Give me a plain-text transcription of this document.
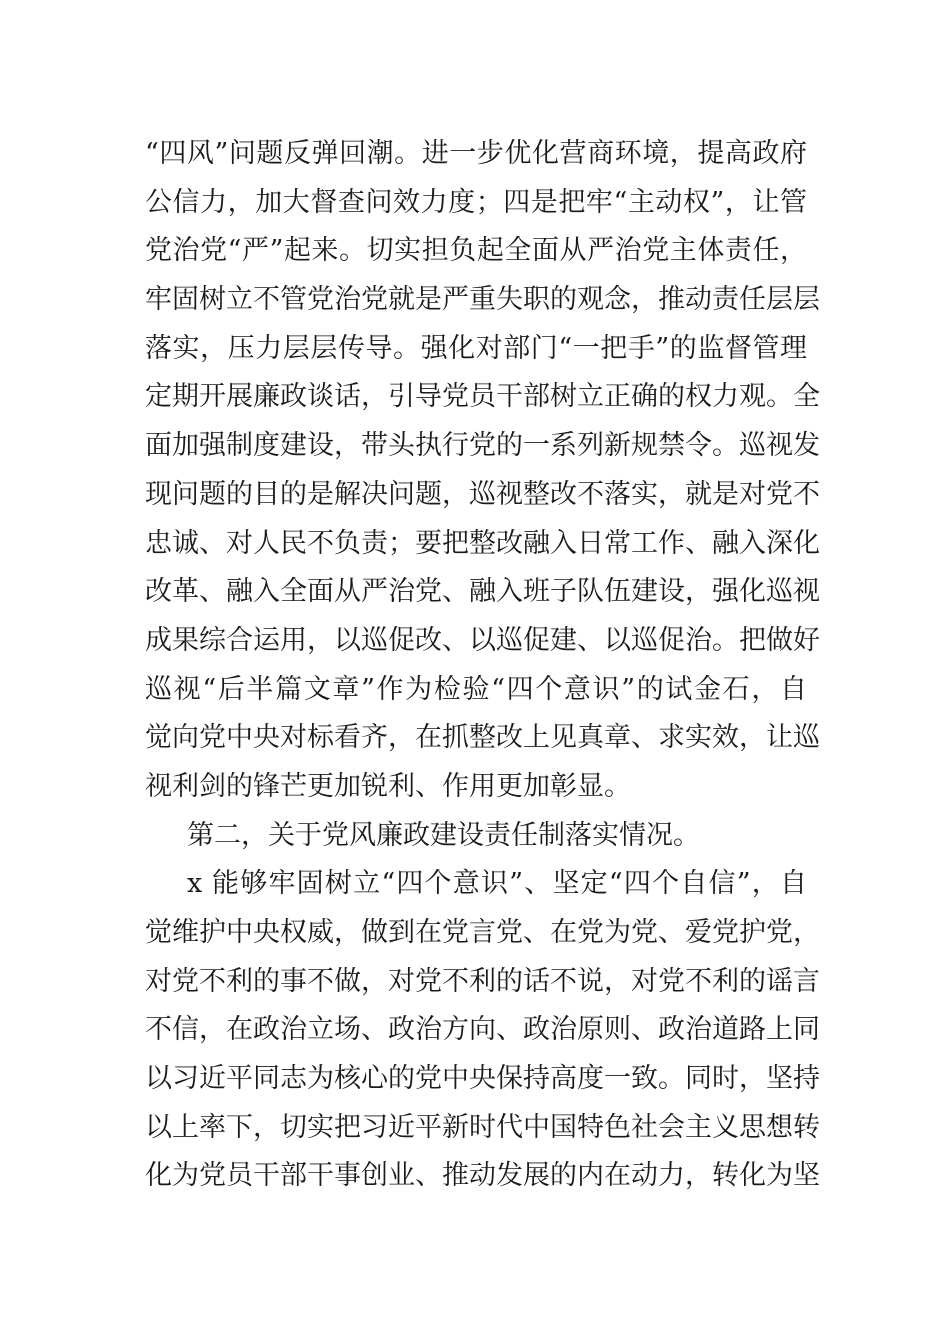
“四风”问题反弹回潮。进一步优化营商环境，提高政府
公信力，加大督查问效力度；四是把牢“主动权”，让管
党治党“严”起来。切实担负起全面从严治党主体责任，
牢固树立不管党治党就是严重失职的观念，推动责任层层
落实，压力层层传导。强化对部门“一把手”的监督管理
定期开展廉政谈话，引导党员干部树立正确的权力观。全
面加强制度建设，带头执行党的一系列新规禁令。巡视发
现问题的目的是解决问题，巡视整改不落实，就是对党不
忠诚、对人民不负责；要把整改融入日常工作、融入深化
改革、融入全面从严治党、融入班子队伍建设，强化巡视
成果综合运用，以巡促改、以巡促建、以巡促治。把做好
巡视“后半篇文章”作为检验“四个意识”的试金石，自
觉向党中央对标看齐，在抓整改上见真章、求实效，让巡
视利剑的锋芒更加锐利、作用更加彰显。
第二，关于党风廉政建设责任制落实情况。
x 能够牢固树立“四个意识”、坚定“四个自信”，自
觉维护中央权威，做到在党言党、在党为党、爱党护党，
对党不利的事不做，对党不利的话不说，对党不利的谣言
不信，在政治立场、政治方向、政治原则、政治道路上同
以习近平同志为核心的党中央保持高度一致。同时，坚持
以上率下，切实把习近平新时代中国特色社会主义思想转
化为党员干部干事创业、推动发展的内在动力，转化为坚
